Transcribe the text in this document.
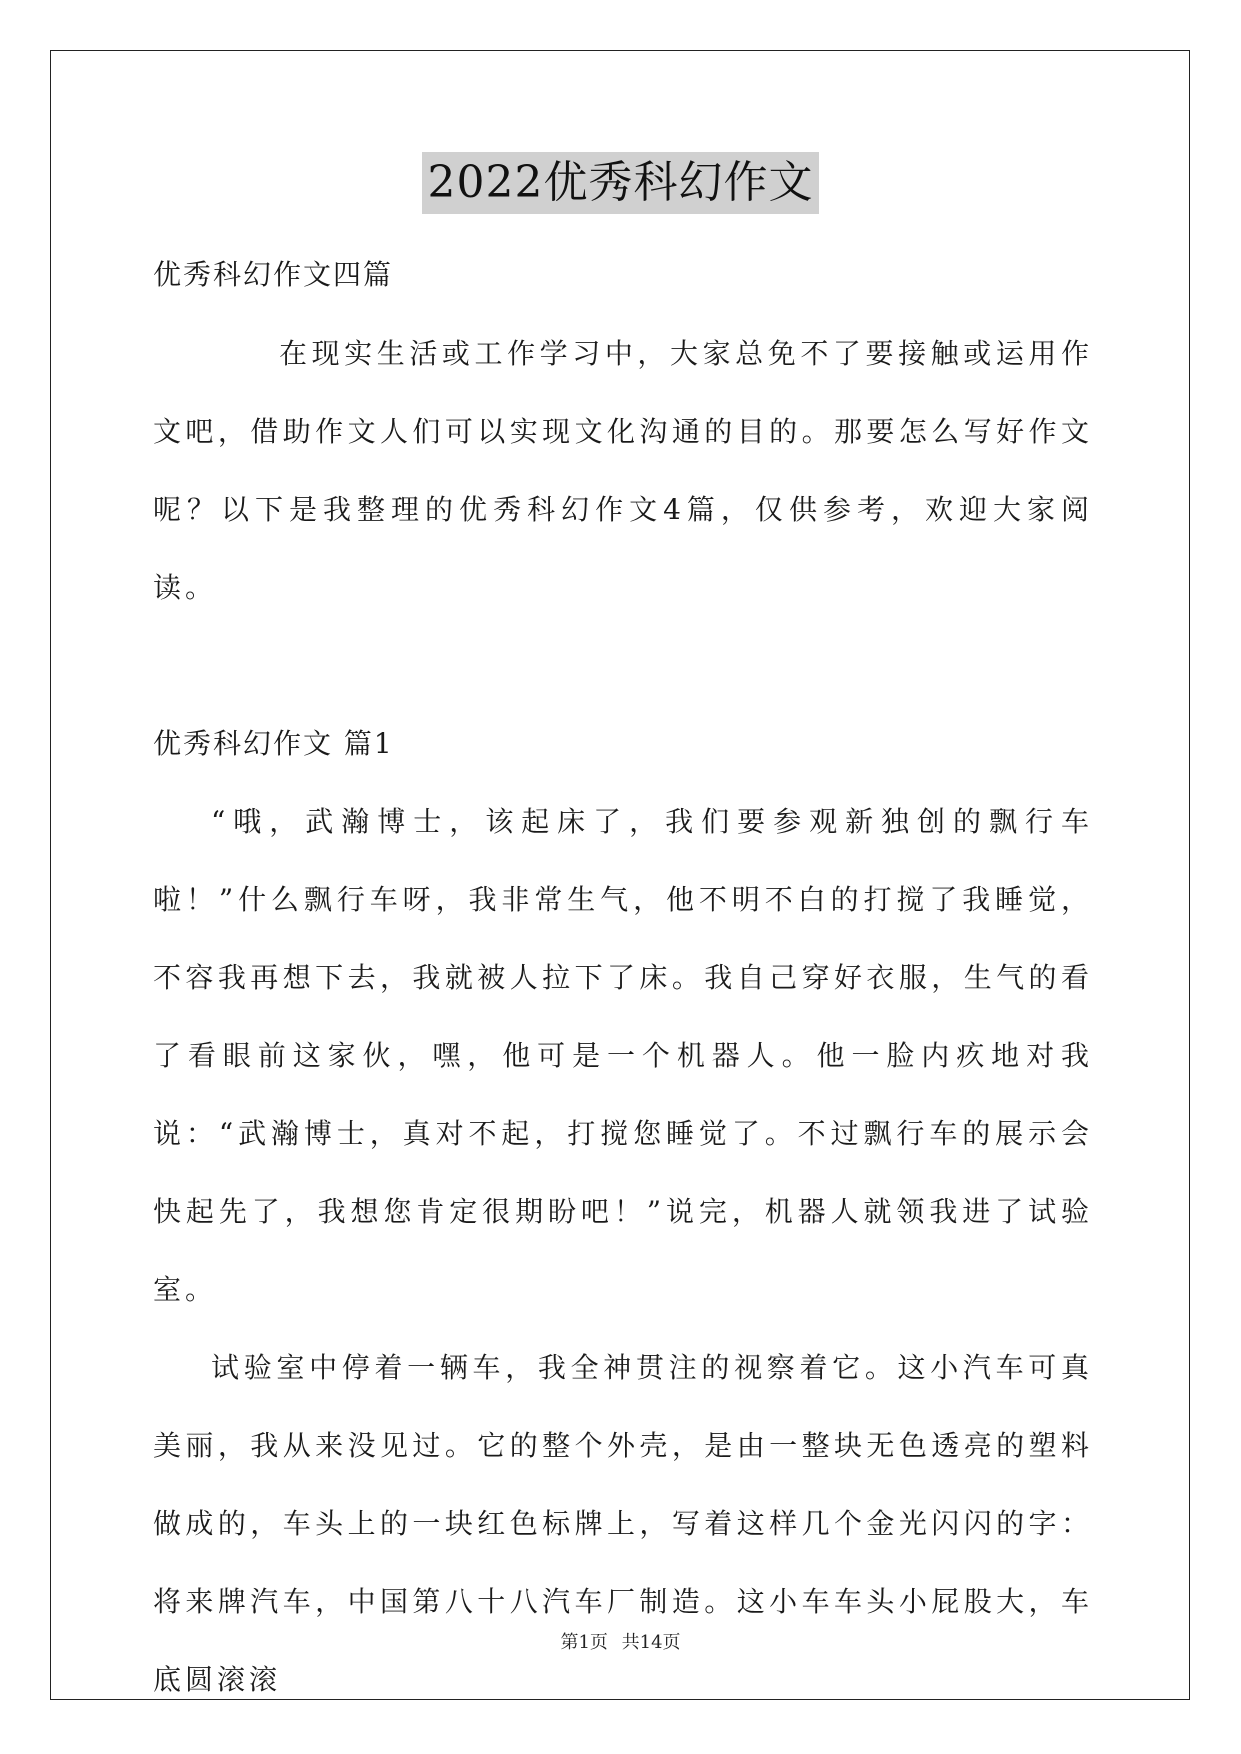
2022优秀科幻作文

优秀科幻作文四篇

在现实生活或工作学习中，大家总免不了要接触或运用作文吧，借助作文人们可以实现文化沟通的目的。那要怎么写好作文呢？以下是我整理的优秀科幻作文4篇，仅供参考，欢迎大家阅读。

优秀科幻作文 篇1

“哦，武瀚博士，该起床了，我们要参观新独创的飘行车啦！”什么飘行车呀，我非常生气，他不明不白的打搅了我睡觉，不容我再想下去，我就被人拉下了床。我自己穿好衣服，生气的看了看眼前这家伙，嘿，他可是一个机器人。他一脸内疚地对我说：“武瀚博士，真对不起，打搅您睡觉了。不过飘行车的展示会快起先了，我想您肯定很期盼吧！”说完，机器人就领我进了试验室。

试验室中停着一辆车，我全神贯注的视察着它。这小汽车可真美丽，我从来没见过。它的整个外壳，是由一整块无色透亮的塑料做成的，车头上的一块红色标牌上，写着这样几个金光闪闪的字：将来牌汽车，中国第八十八汽车厂制造。这小车车头小屁股大，车底圆滚滚

第1页 共14页
